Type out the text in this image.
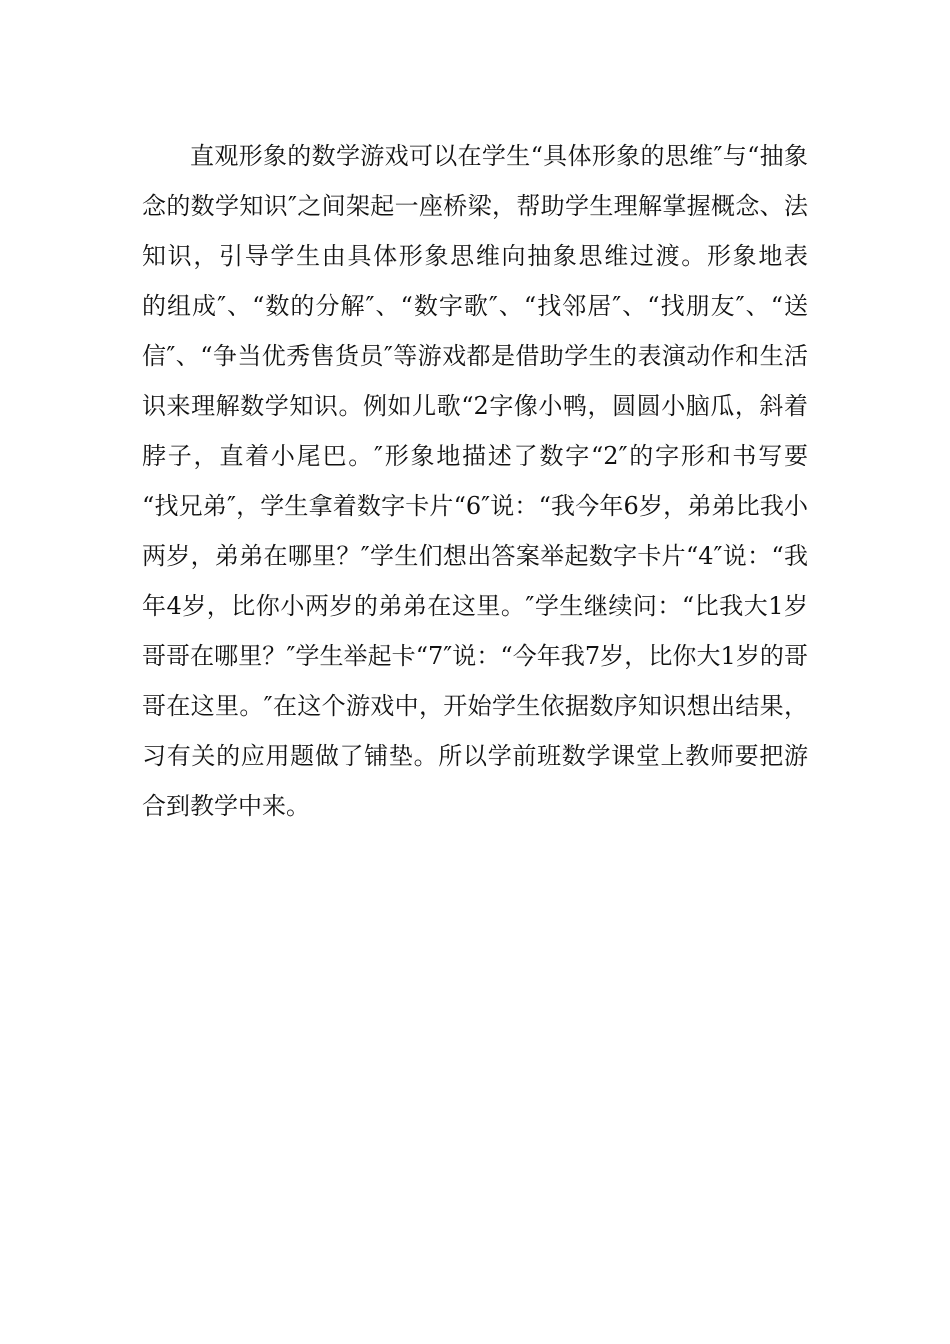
直观形象的数学游戏可以在学生“具体形象的思维″与“抽象
念的数学知识″之间架起一座桥梁，帮助学生理解掌握概念、法
知识，引导学生由具体形象思维向抽象思维过渡。形象地表
的组成″、“数的分解″、“数字歌″、“找邻居″、“找朋友″、“送
信″、“争当优秀售货员″等游戏都是借助学生的表演动作和生活
识来理解数学知识。例如儿歌“2字像小鸭，圆圆小脑瓜，斜着
脖子，直着小尾巴。″形象地描述了数字“2″的字形和书写要
“找兄弟″，学生拿着数字卡片“6″说：“我今年6岁，弟弟比我小
两岁，弟弟在哪里？″学生们想出答案举起数字卡片“4″说：“我
年4岁，比你小两岁的弟弟在这里。″学生继续问：“比我大1岁
哥哥在哪里？″学生举起卡“7″说：“今年我7岁，比你大1岁的哥
哥在这里。″在这个游戏中，开始学生依据数序知识想出结果，
习有关的应用题做了铺垫。所以学前班数学课堂上教师要把游
合到教学中来。
